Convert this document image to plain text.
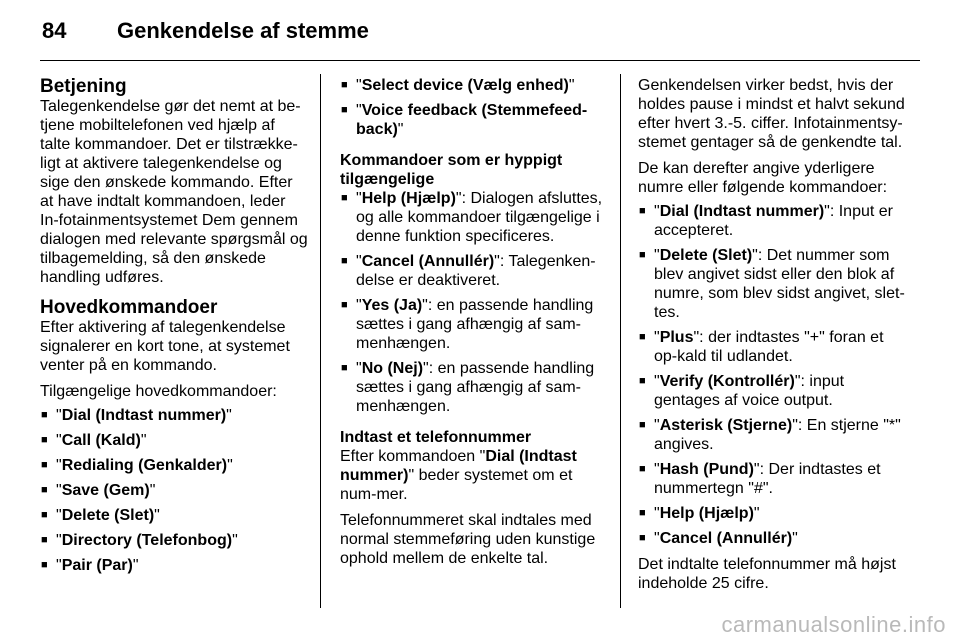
84 Genkendelse af stemme
Betjening

Talegenkendelse gør det nemt at be-tjene mobiltelefonen ved hjælp af talte kommandoer. Det er tilstrække-ligt at aktivere talegenkendelse og sige den ønskede kommando. Efter at have indtalt kommandoen, leder In-fotainmentsystemet Dem gennem dialogen med relevante spørgsmål og tilbagemelding, så den ønskede handling udføres.

Hovedkommandoer

Efter aktivering af talegenkendelse signalerer en kort tone, at systemet venter på en kommando.

Tilgængelige hovedkommandoer:

■ "Dial (Indtast nummer)"
■ "Call (Kald)"
■ "Redialing (Genkalder)"
■ "Save (Gem)"
■ "Delete (Slet)"
■ "Directory (Telefonbog)"
■ "Pair (Par)"
■ "Select device (Vælg enhed)"
■ "Voice feedback (Stemmefeed-back)"
Kommandoer som er hyppigt tilgængelige
■ "Help (Hjælp)": Dialogen afsluttes, og alle kommandoer tilgængelige i denne funktion specificeres.
■ "Cancel (Annullér)": Talegenken-delse er deaktiveret.
■ "Yes (Ja)": en passende handling sættes i gang afhængig af sam-menhængen.
■ "No (Nej)": en passende handling sættes i gang afhængig af sam-menhængen.
Indtast et telefonnummer

Efter kommandoen "Dial (Indtast nummer)" beder systemet om et num-mer.

Telefonnummeret skal indtales med normal stemmeføring uden kunstige ophold mellem de enkelte tal.

Genkendelsen virker bedst, hvis der holdes pause i mindst et halvt sekund efter hvert 3.-5. ciffer. Infotainmentsy-stemet gentager så de genkendte tal.

De kan derefter angive yderligere numre eller følgende kommandoer:

■ "Dial (Indtast nummer)": Input er accepteret.
■ "Delete (Slet)": Det nummer som blev angivet sidst eller den blok af numre, som blev sidst angivet, slet-tes.
■ "Plus": der indtastes "+" foran et op-kald til udlandet.
■ "Verify (Kontrollér)": input gentages af voice output.
■ "Asterisk (Stjerne)": En stjerne "*" angives.
■ "Hash (Pund)": Der indtastes et nummertegn "#".
■ "Help (Hjælp)"
■ "Cancel (Annullér)"

Det indtalte telefonnummer må højst indeholde 25 cifre.

carmanualsonline.info
